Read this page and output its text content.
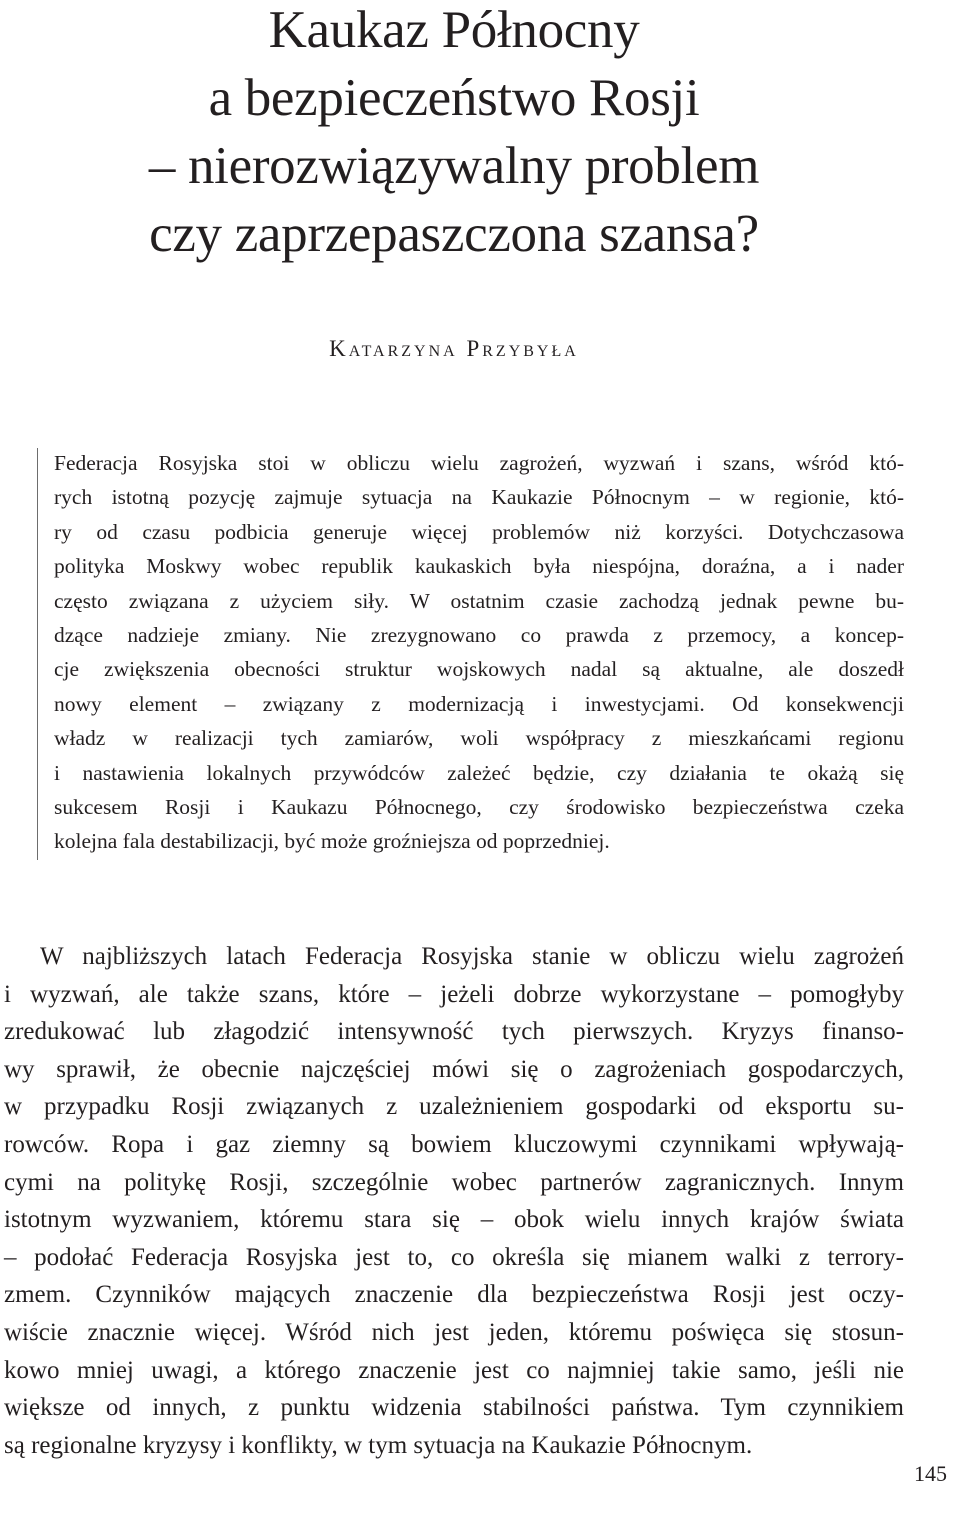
Kaukaz Północny
a bezpieczeństwo Rosji
– nierozwiązywalny problem
czy zaprzepaszczona szansa?
Katarzyna Przybyła
Federacja Rosyjska stoi w obliczu wielu zagrożeń, wyzwań i szans, wśród któ-
rych istotną pozycję zajmuje sytuacja na Kaukazie Północnym – w regionie, któ-
ry od czasu podbicia generuje więcej problemów niż korzyści. Dotychczasowa
polityka Moskwy wobec republik kaukaskich była niespójna, doraźna, a i nader
często związana z użyciem siły. W ostatnim czasie zachodzą jednak pewne bu-
dzące nadzieje zmiany. Nie zrezygnowano co prawda z przemocy, a koncep-
cje zwiększenia obecności struktur wojskowych nadal są aktualne, ale doszedł
nowy element – związany z modernizacją i inwestycjami. Od konsekwencji
władz w realizacji tych zamiarów, woli współpracy z mieszkańcami regionu
i nastawienia lokalnych przywódców zależeć będzie, czy działania te okażą się
sukcesem Rosji i Kaukazu Północnego, czy środowisko bezpieczeństwa czeka
kolejna fala destabilizacji, być może groźniejsza od poprzedniej.
W najbliższych latach Federacja Rosyjska stanie w obliczu wielu zagrożeń
i wyzwań, ale także szans, które – jeżeli dobrze wykorzystane – pomogłyby
zredukować lub złagodzić intensywność tych pierwszych. Kryzys finanso-
wy sprawił, że obecnie najczęściej mówi się o zagrożeniach gospodarczych,
w przypadku Rosji związanych z uzależnieniem gospodarki od eksportu su-
rowców. Ropa i gaz ziemny są bowiem kluczowymi czynnikami wpływają-
cymi na politykę Rosji, szczególnie wobec partnerów zagranicznych. Innym
istotnym wyzwaniem, któremu stara się – obok wielu innych krajów świata
– podołać Federacja Rosyjska jest to, co określa się mianem walki z terrory-
zmem. Czynników mających znaczenie dla bezpieczeństwa Rosji jest oczy-
wiście znacznie więcej. Wśród nich jest jeden, któremu poświęca się stosun-
kowo mniej uwagi, a którego znaczenie jest co najmniej takie samo, jeśli nie
większe od innych, z punktu widzenia stabilności państwa. Tym czynnikiem
są regionalne kryzysy i konflikty, w tym sytuacja na Kaukazie Północnym.
145
